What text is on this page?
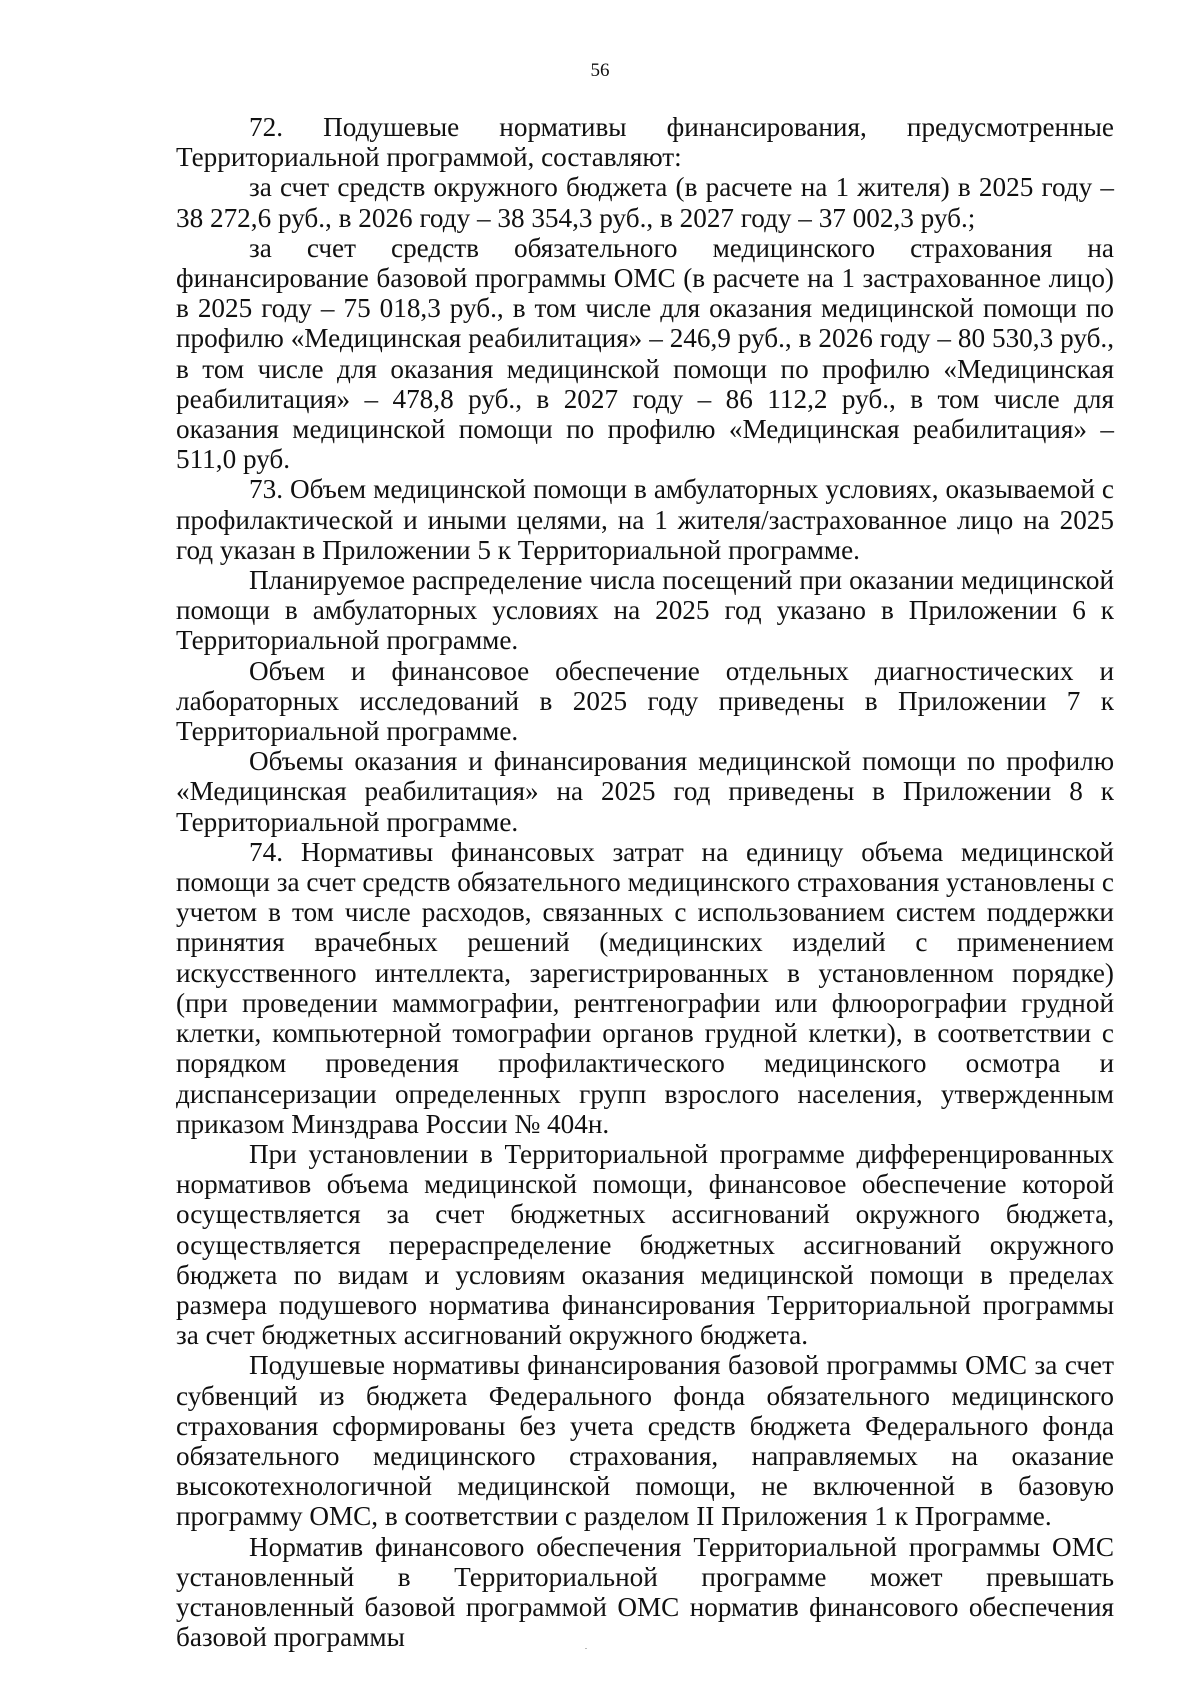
56

72. Подушевые нормативы финансирования, предусмотренные Территориальной программой, составляют:

за счет средств окружного бюджета (в расчете на 1 жителя) в 2025 году – 38 272,6 руб., в 2026 году – 38 354,3 руб., в 2027 году – 37 002,3 руб.;

за счет средств обязательного медицинского страхования на финансирование базовой программы ОМС (в расчете на 1 застрахованное лицо) в 2025 году – 75 018,3 руб., в том числе для оказания медицинской помощи по профилю «Медицинская реабилитация» – 246,9 руб., в 2026 году – 80 530,3 руб., в том числе для оказания медицинской помощи по профилю «Медицинская реабилитация» – 478,8 руб., в 2027 году – 86 112,2 руб., в том числе для оказания медицинской помощи по профилю «Медицинская реабилитация» – 511,0 руб.

73. Объем медицинской помощи в амбулаторных условиях, оказываемой с профилактической и иными целями, на 1 жителя/застрахованное лицо на 2025 год указан в Приложении 5 к Территориальной программе.

Планируемое распределение числа посещений при оказании медицинской помощи в амбулаторных условиях на 2025 год указано в Приложении 6 к Территориальной программе.

Объем и финансовое обеспечение отдельных диагностических и лабораторных исследований в 2025 году приведены в Приложении 7 к Территориальной программе.

Объемы оказания и финансирования медицинской помощи по профилю «Медицинская реабилитация» на 2025 год приведены в Приложении 8 к Территориальной программе.

74. Нормативы финансовых затрат на единицу объема медицинской помощи за счет средств обязательного медицинского страхования установлены с учетом в том числе расходов, связанных с использованием систем поддержки принятия врачебных решений (медицинских изделий с применением искусственного интеллекта, зарегистрированных в установленном порядке) (при проведении маммографии, рентгенографии или флюорографии грудной клетки, компьютерной томографии органов грудной клетки), в соответствии с порядком проведения профилактического медицинского осмотра и диспансеризации определенных групп взрослого населения, утвержденным приказом Минздрава России № 404н.

При установлении в Территориальной программе дифференцированных нормативов объема медицинской помощи, финансовое обеспечение которой осуществляется за счет бюджетных ассигнований окружного бюджета, осуществляется перераспределение бюджетных ассигнований окружного бюджета по видам и условиям оказания медицинской помощи в пределах размера подушевого норматива финансирования Территориальной программы за счет бюджетных ассигнований окружного бюджета.

Подушевые нормативы финансирования базовой программы ОМС за счет субвенций из бюджета Федерального фонда обязательного медицинского страхования сформированы без учета средств бюджета Федерального фонда обязательного медицинского страхования, направляемых на оказание высокотехнологичной медицинской помощи, не включенной в базовую программу ОМС, в соответствии с разделом II Приложения 1 к Программе.

Норматив финансового обеспечения Территориальной программы ОМС установленный в Территориальной программе может превышать установленный базовой программой ОМС норматив финансового обеспечения базовой программы
